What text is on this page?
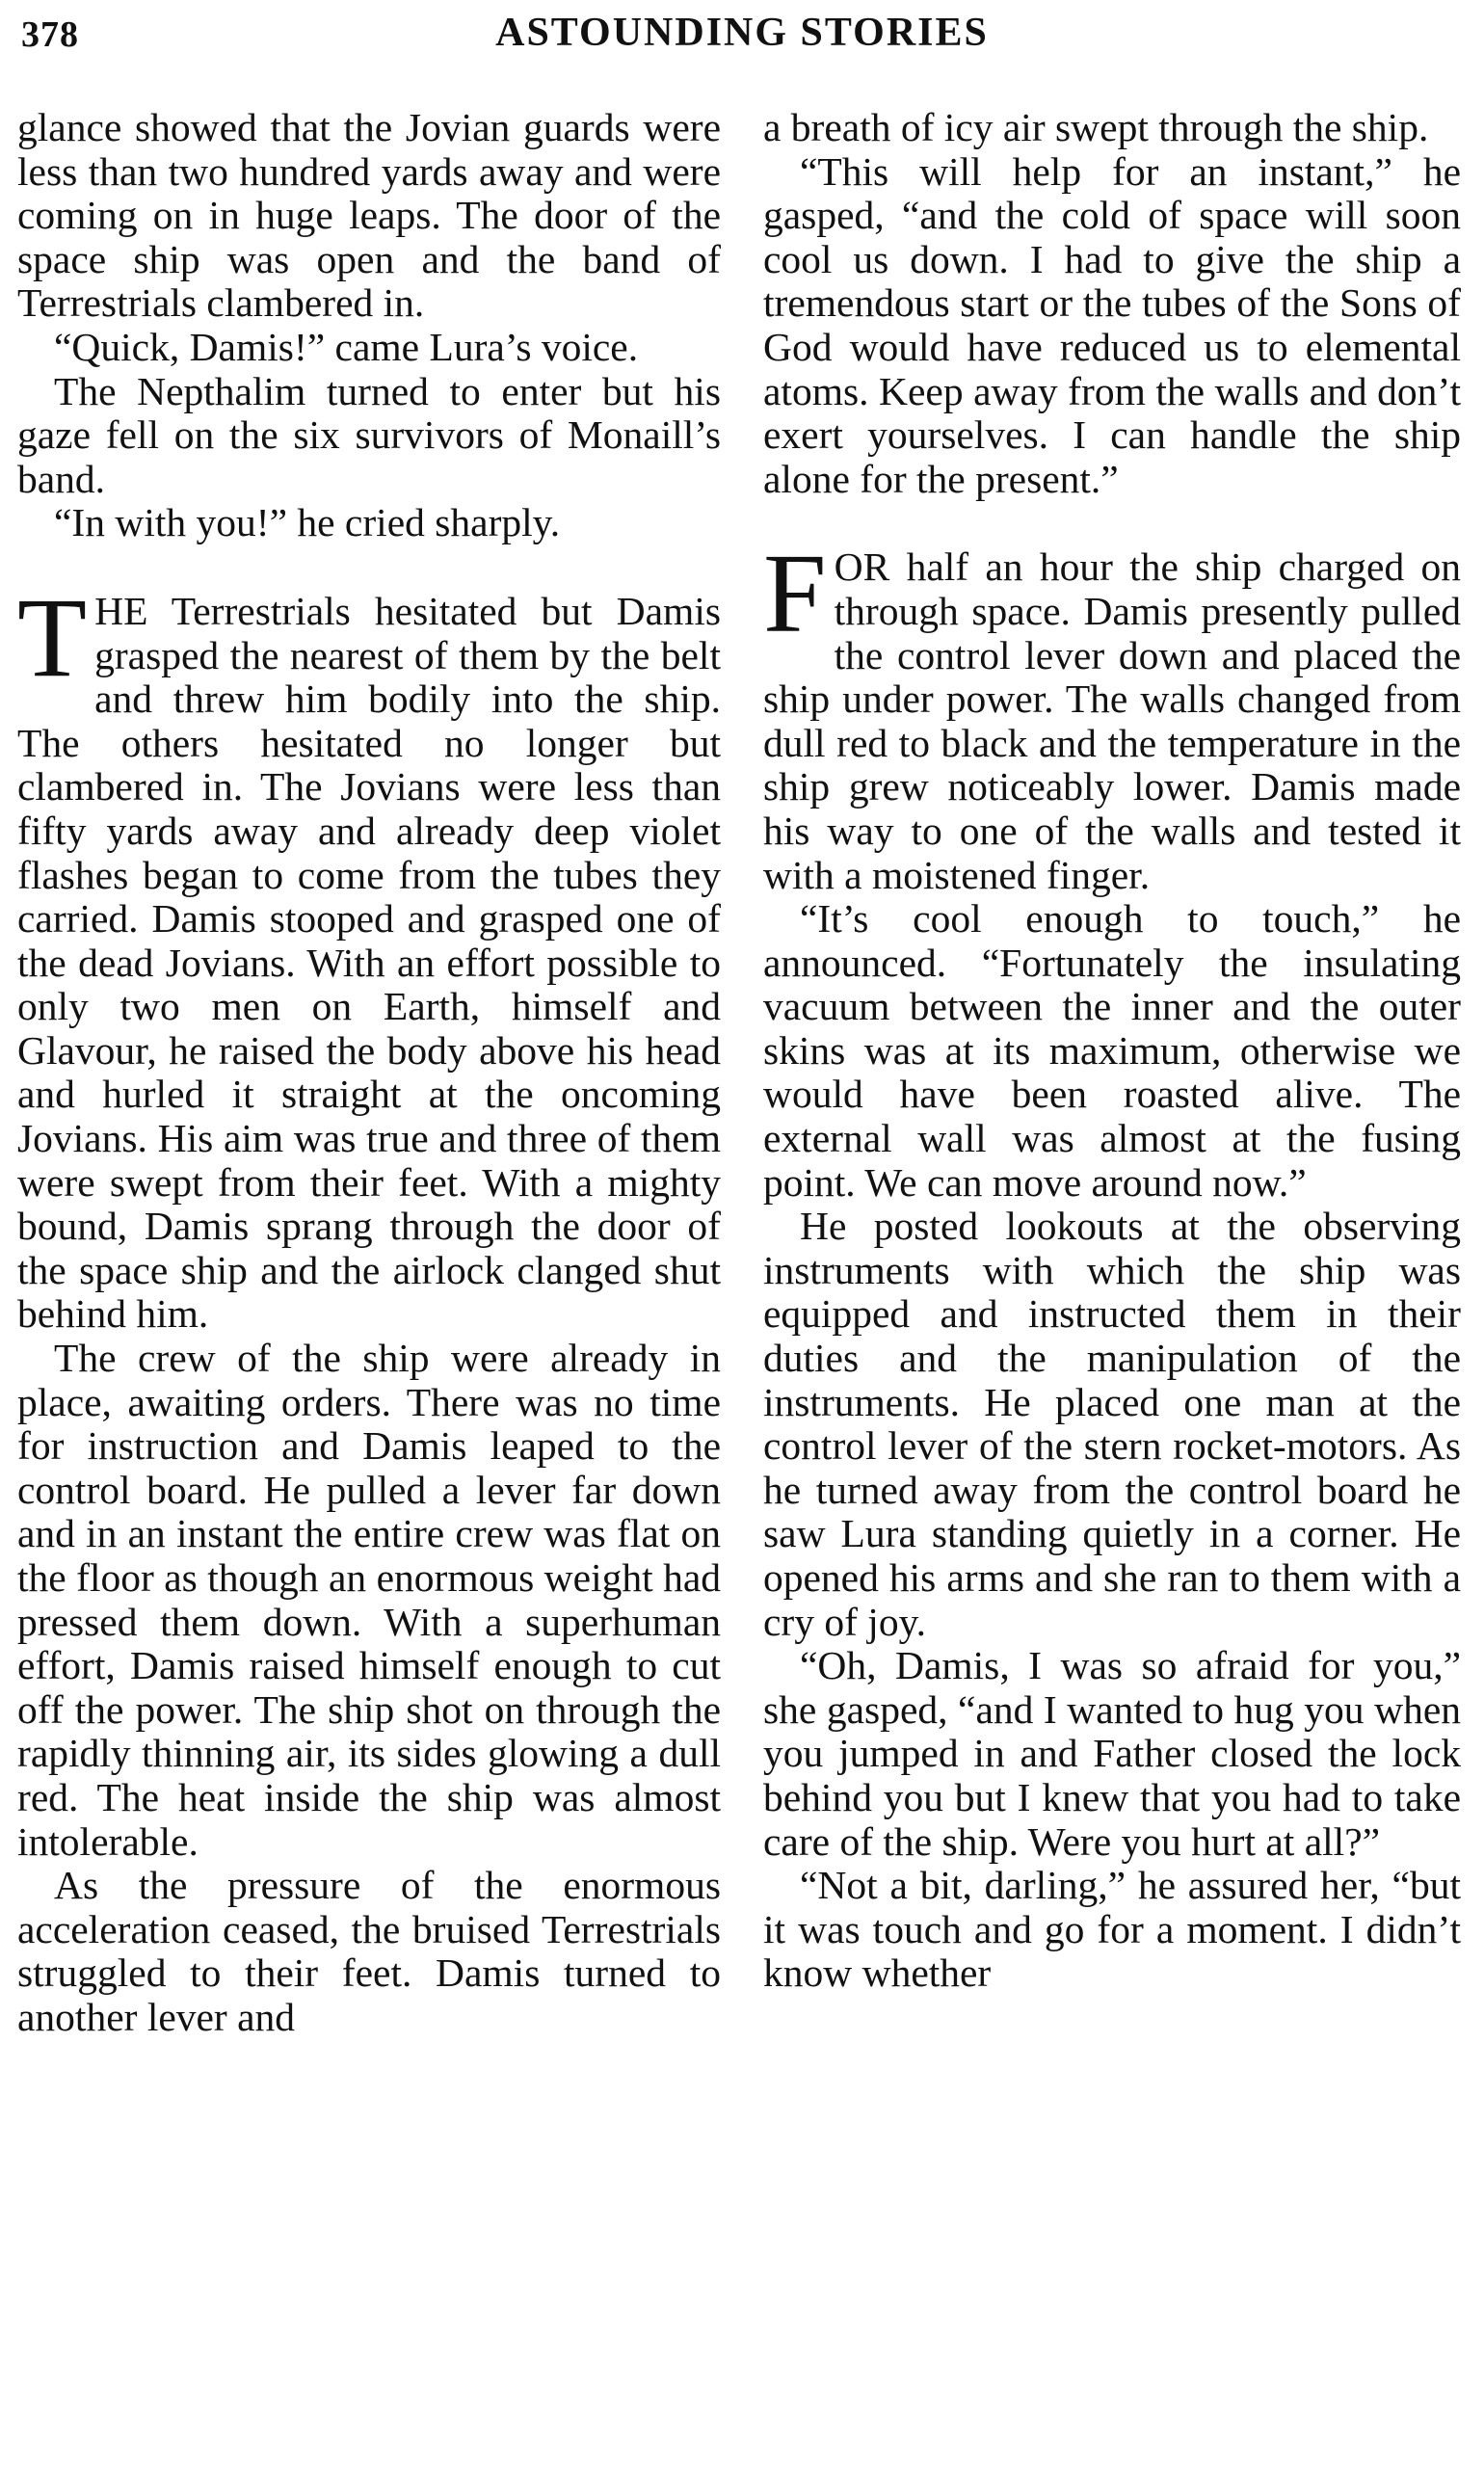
378	ASTOUNDING STORIES

glance showed that the Jovian guards were less than two hundred yards away and were coming on in huge leaps. The door of the space ship was open and the band of Terrestrials clambered in.

“Quick, Damis!” came Lura’s voice.

The Nepthalim turned to enter but his gaze fell on the six survivors of Monaill’s band.

“In with you!” he cried sharply.

THE Terrestrials hesitated but Damis grasped the nearest of them by the belt and threw him bodily into the ship. The others hesitated no longer but clambered in. The Jovians were less than fifty yards away and already deep violet flashes began to come from the tubes they carried. Damis stooped and grasped one of the dead Jovians. With an effort possible to only two men on Earth, himself and Glavour, he raised the body above his head and hurled it straight at the oncoming Jovians. His aim was true and three of them were swept from their feet. With a mighty bound, Damis sprang through the door of the space ship and the airlock clanged shut behind him.

The crew of the ship were already in place, awaiting orders. There was no time for instruction and Damis leaped to the control board. He pulled a lever far down and in an instant the entire crew was flat on the floor as though an enormous weight had pressed them down. With a superhuman effort, Damis raised himself enough to cut off the power. The ship shot on through the rapidly thinning air, its sides glowing a dull red. The heat inside the ship was almost intolerable.

As the pressure of the enormous acceleration ceased, the bruised Terrestrials struggled to their feet. Damis turned to another lever and

a breath of icy air swept through the ship.

“This will help for an instant,” he gasped, “and the cold of space will soon cool us down. I had to give the ship a tremendous start or the tubes of the Sons of God would have reduced us to elemental atoms. Keep away from the walls and don’t exert yourselves. I can handle the ship alone for the present.”

FOR half an hour the ship charged on through space. Damis presently pulled the control lever down and placed the ship under power. The walls changed from dull red to black and the temperature in the ship grew noticeably lower. Damis made his way to one of the walls and tested it with a moistened finger.

“It’s cool enough to touch,” he announced. “Fortunately the insulating vacuum between the inner and the outer skins was at its maximum, otherwise we would have been roasted alive. The external wall was almost at the fusing point. We can move around now.”

He posted lookouts at the observing instruments with which the ship was equipped and instructed them in their duties and the manipulation of the instruments. He placed one man at the control lever of the stern rocket-motors. As he turned away from the control board he saw Lura standing quietly in a corner. He opened his arms and she ran to them with a cry of joy.

“Oh, Damis, I was so afraid for you,” she gasped, “and I wanted to hug you when you jumped in and Father closed the lock behind you but I knew that you had to take care of the ship. Were you hurt at all?”

“Not a bit, darling,” he assured her, “but it was touch and go for a moment. I didn’t know whether
